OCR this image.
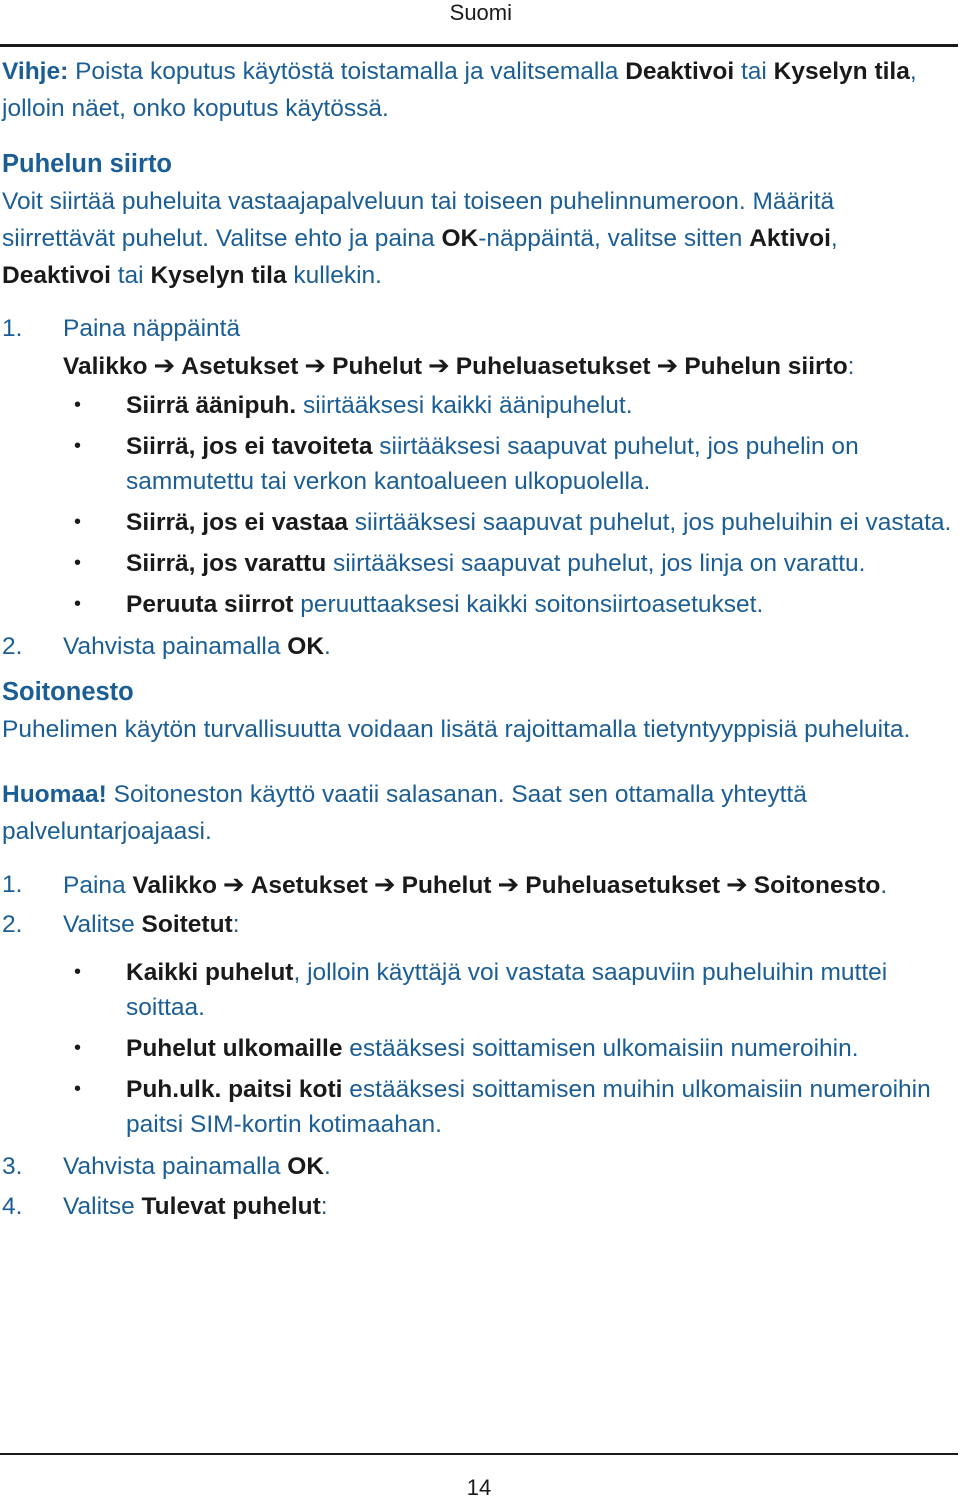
Suomi

Vihje: Poista koputus käytöstä toistamalla ja valitsemalla Deaktivoi tai Kyselyn tila, jolloin näet, onko koputus käytössä.

Puhelun siirto

Voit siirtää puheluita vastaajapalveluun tai toiseen puhelinnumeroon. Määritä siirrettävät puhelut. Valitse ehto ja paina OK-näppäintä, valitse sitten Aktivoi, Deaktivoi tai Kyselyn tila kullekin.

1.	Paina näppäintä Valikko ➔ Asetukset ➔ Puhelut ➔ Puheluasetukset ➔ Puhelun siirto:
• Siirrä äänipuh. siirtääksesi kaikki äänipuhelut.
• Siirrä, jos ei tavoiteta siirtääksesi saapuvat puhelut, jos puhelin on sammutettu tai verkon kantoalueen ulkopuolella.
• Siirrä, jos ei vastaa siirtääksesi saapuvat puhelut, jos puheluihin ei vastata.
• Siirrä, jos varattu siirtääksesi saapuvat puhelut, jos linja on varattu.
• Peruuta siirrot peruuttaaksesi kaikki soitonsiirtoasetukset.
2.	Vahvista painamalla OK.

Soitonesto

Puhelimen käytön turvallisuutta voidaan lisätä rajoittamalla tietyntyyppisiä puheluita.

Huomaa! Soitoneston käyttö vaatii salasanan. Saat sen ottamalla yhteyttä palveluntarjoajaasi.

1.	Paina Valikko ➔ Asetukset ➔ Puhelut ➔ Puheluasetukset ➔ Soitonesto.
2.	Valitse Soitetut:
• Kaikki puhelut, jolloin käyttäjä voi vastata saapuviin puheluihin muttei soittaa.
• Puhelut ulkomaille estääksesi soittamisen ulkomaisiin numeroihin.
• Puh.ulk. paitsi koti estääksesi soittamisen muihin ulkomaisiin numeroihin paitsi SIM-kortin kotimaahan.
3.	Vahvista painamalla OK.
4.	Valitse Tulevat puhelut:
14
